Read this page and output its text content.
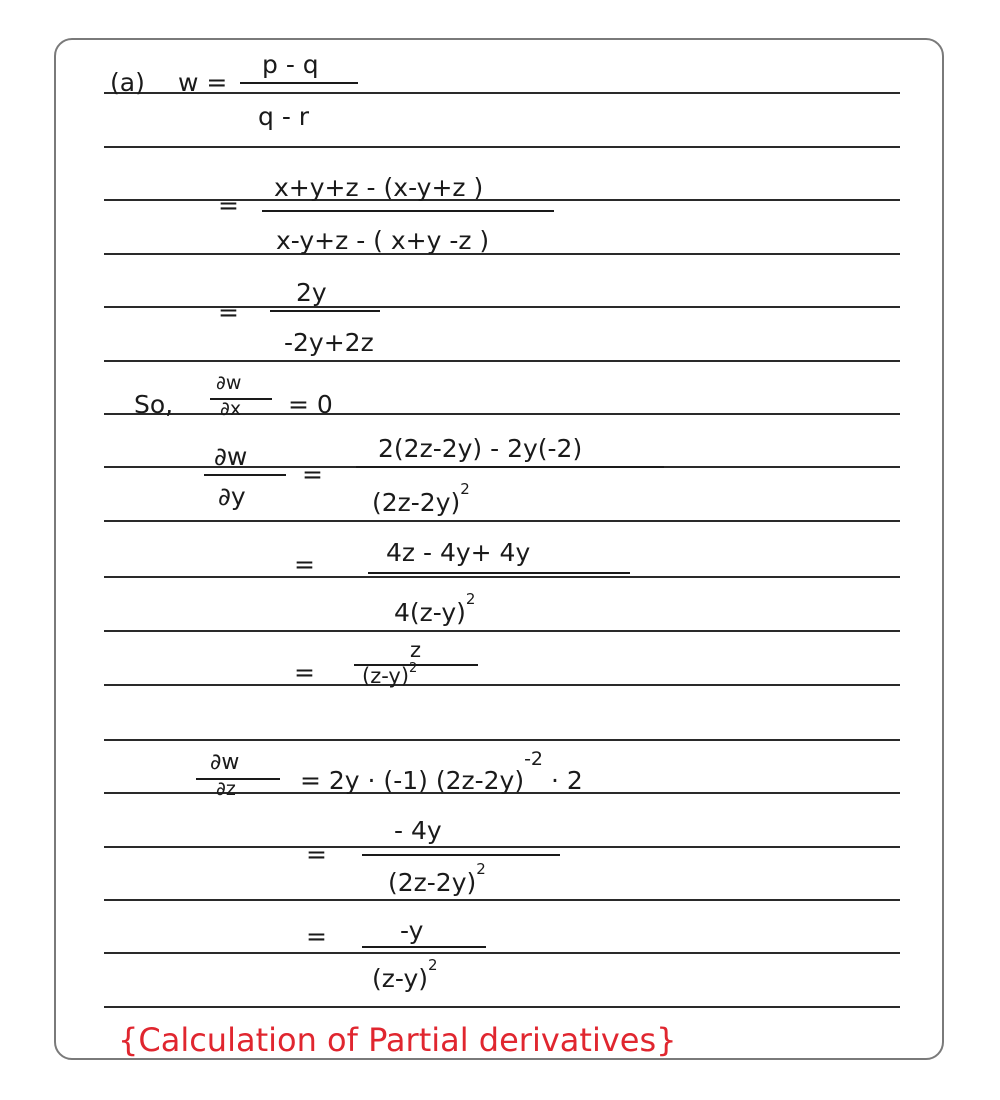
(a) w =
p - q
q - r
=
x+y+z - (x-y+z )
x-y+z - ( x+y -z )
=
2y
-2y+2z
So,
∂w
∂x = 0
∂w
∂y
=
2(2z-2y) - 2y(-2)
$(2z-2y)^2$
=	4z - 4y+ 4y
$4(z-y)^2$
=
z
$(z-y)^2$
∂w
∂z	= 2y · (-1) $(2z-2y)^{-2} \cdot 2$
=
- 4y
$(2z-2y)^2$
=	-y
$(z-y)^2$
{Calculation of Partial derivatives}
